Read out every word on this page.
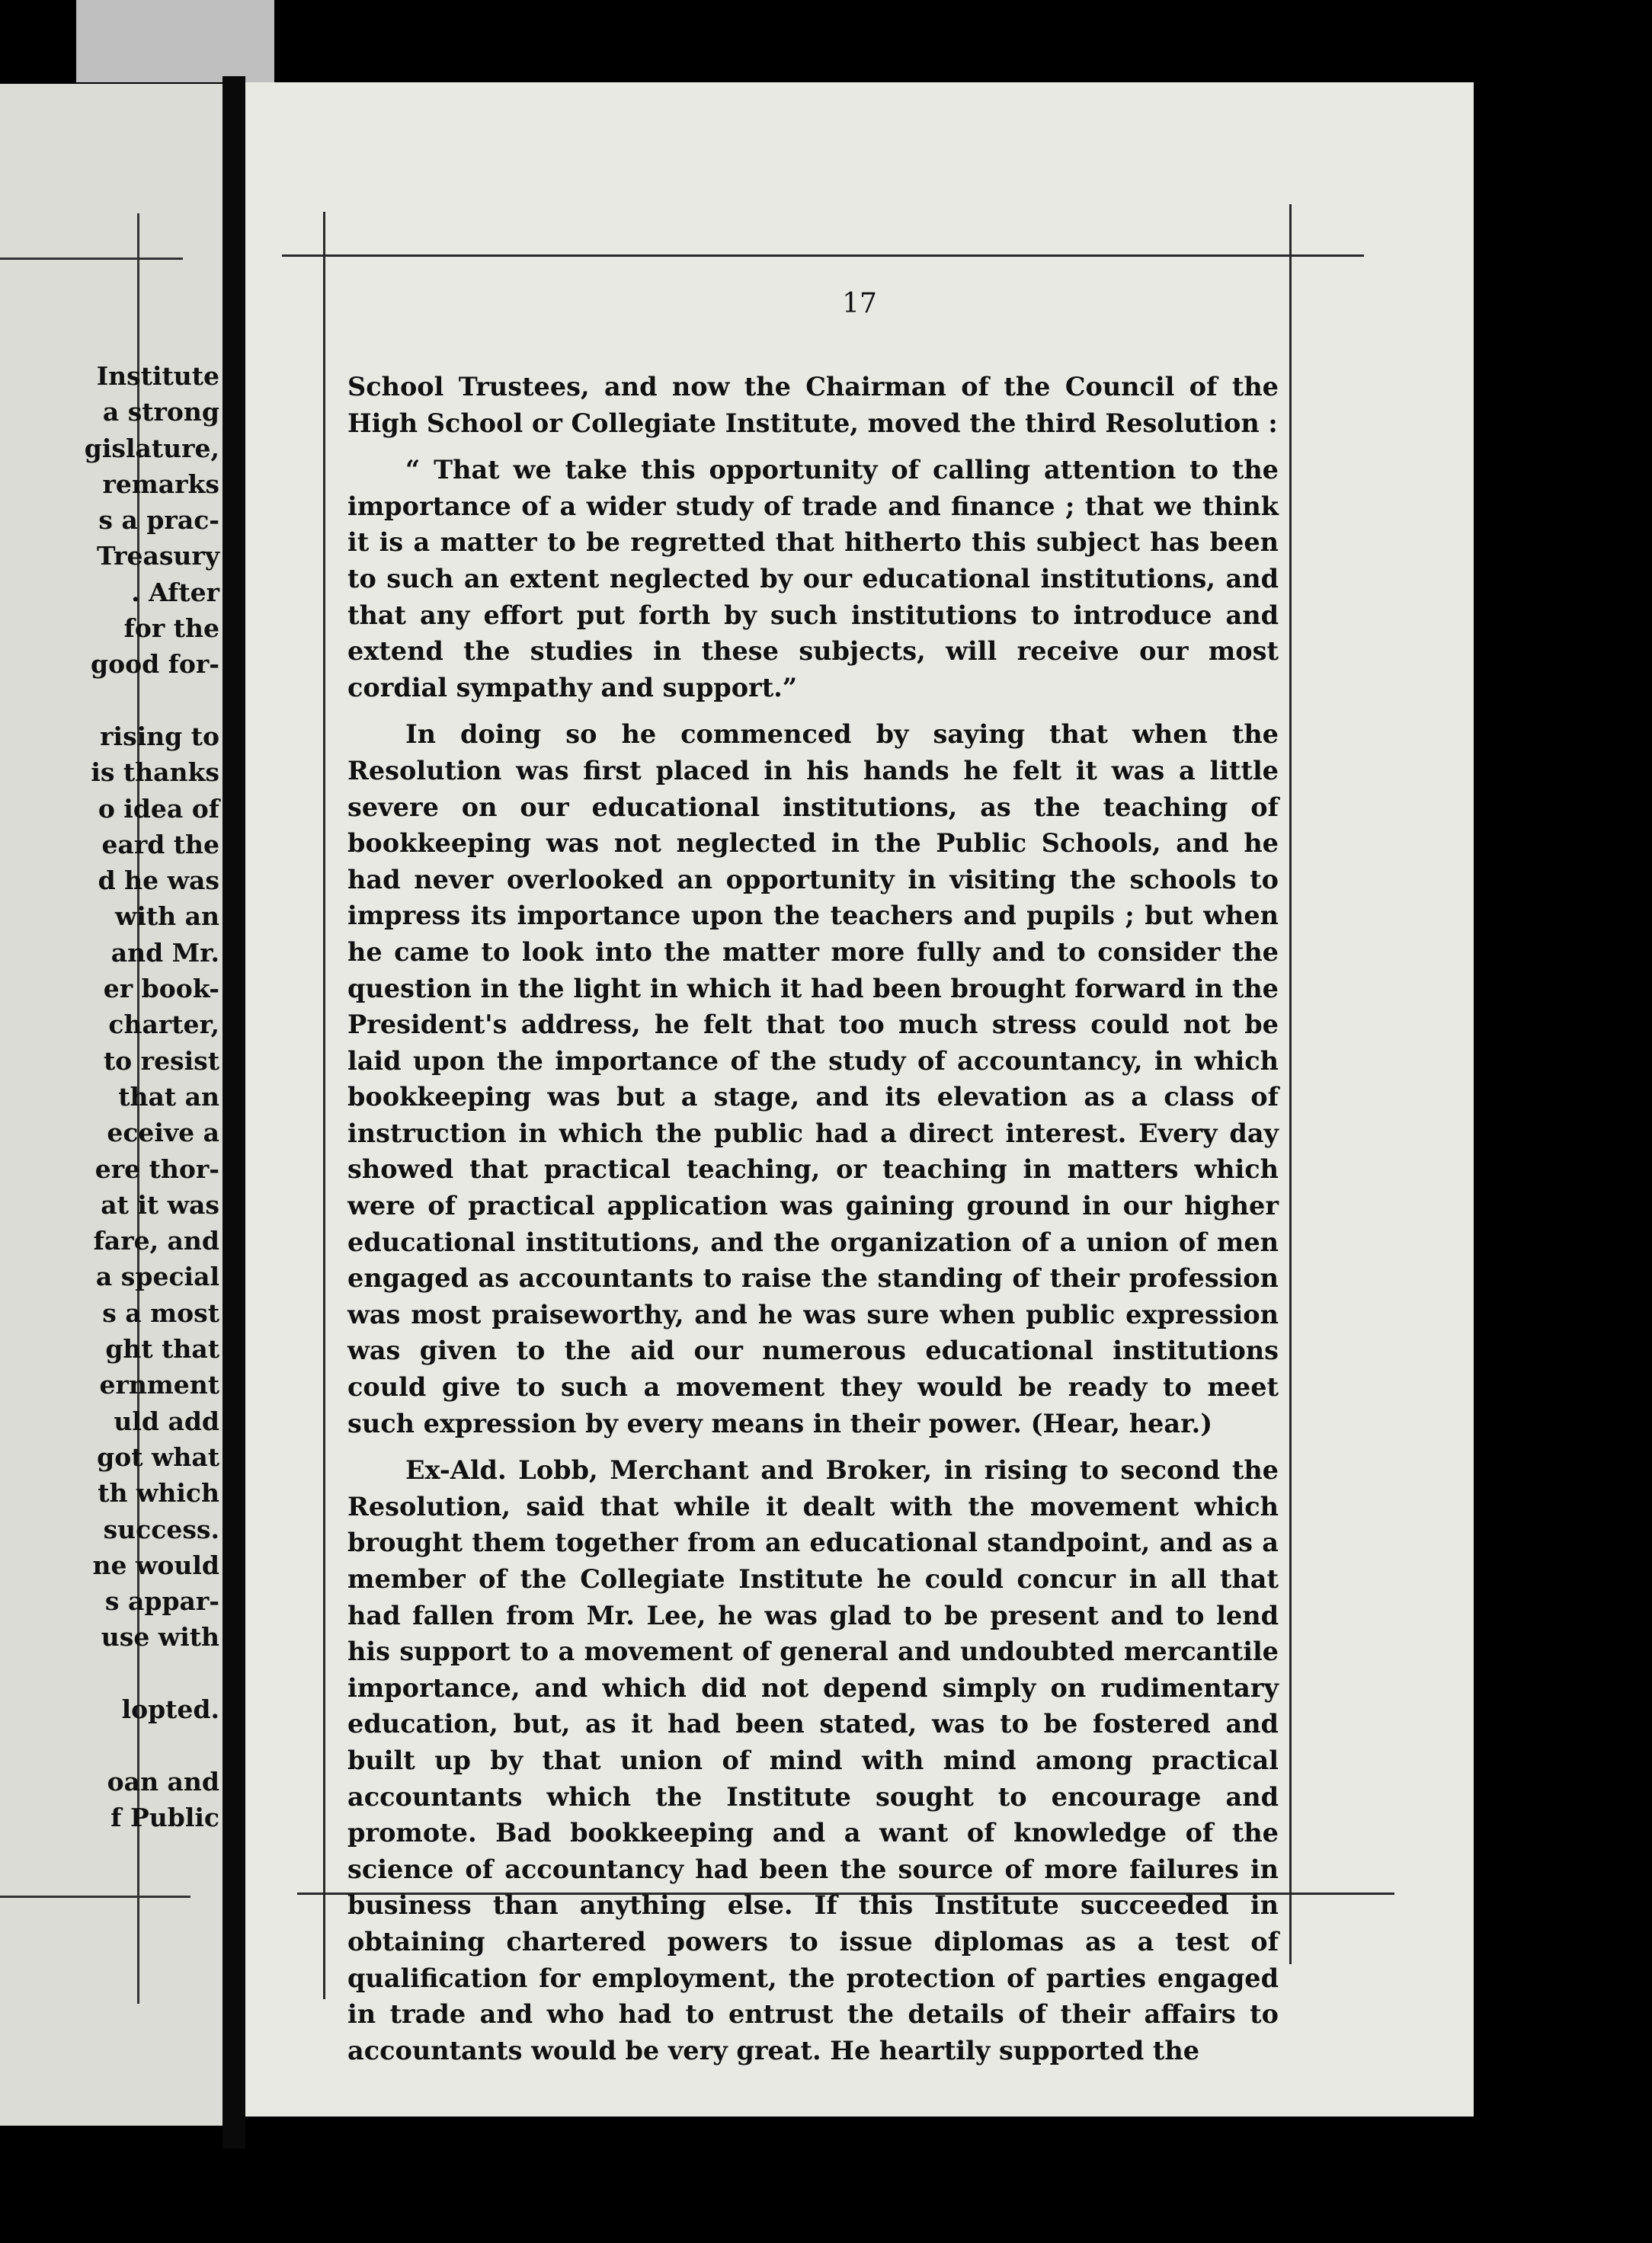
Institute
a strong
gislature,
remarks
s a prac-
Treasury
. After
for the
good for-
rising to
is thanks
o idea of
eard the
d he was
with an
and Mr.
er book-
charter,
to resist
that an
eceive a
ere thor-
at it was
fare, and
a special
s a most
ght that
ernment
uld add
got what
th which
success.
ne would
s appar-
use with
lopted.
oan and
f Public
17

School Trustees, and now the Chairman of the Council of the High School or Collegiate Institute, moved the third Resolution :

“ That we take this opportunity of calling attention to the importance of a wider study of trade and finance ; that we think it is a matter to be regretted that hitherto this subject has been to such an extent neglected by our educational institutions, and that any effort put forth by such institutions to introduce and extend the studies in these subjects, will receive our most cordial sympathy and support.”

In doing so he commenced by saying that when the Resolution was first placed in his hands he felt it was a little severe on our educational institutions, as the teaching of bookkeeping was not neglected in the Public Schools, and he had never overlooked an opportunity in visiting the schools to impress its importance upon the teachers and pupils ; but when he came to look into the matter more fully and to consider the question in the light in which it had been brought forward in the President's address, he felt that too much stress could not be laid upon the importance of the study of accountancy, in which bookkeeping was but a stage, and its elevation as a class of instruction in which the public had a direct interest. Every day showed that practical teaching, or teaching in matters which were of practical application was gaining ground in our higher educational institutions, and the organization of a union of men engaged as accountants to raise the standing of their profession was most praiseworthy, and he was sure when public expression was given to the aid our numerous educational institutions could give to such a movement they would be ready to meet such expression by every means in their power. (Hear, hear.)

Ex-Ald. Lobb, Merchant and Broker, in rising to second the Resolution, said that while it dealt with the movement which brought them together from an educational standpoint, and as a member of the Collegiate Institute he could concur in all that had fallen from Mr. Lee, he was glad to be present and to lend his support to a movement of general and undoubted mercantile importance, and which did not depend simply on rudimentary education, but, as it had been stated, was to be fostered and built up by that union of mind with mind among practical accountants which the Institute sought to encourage and promote. Bad bookkeeping and a want of knowledge of the science of accountancy had been the source of more failures in business than anything else. If this Institute succeeded in obtaining chartered powers to issue diplomas as a test of qualification for employment, the protection of parties engaged in trade and who had to entrust the details of their affairs to accountants would be very great. He heartily supported the
